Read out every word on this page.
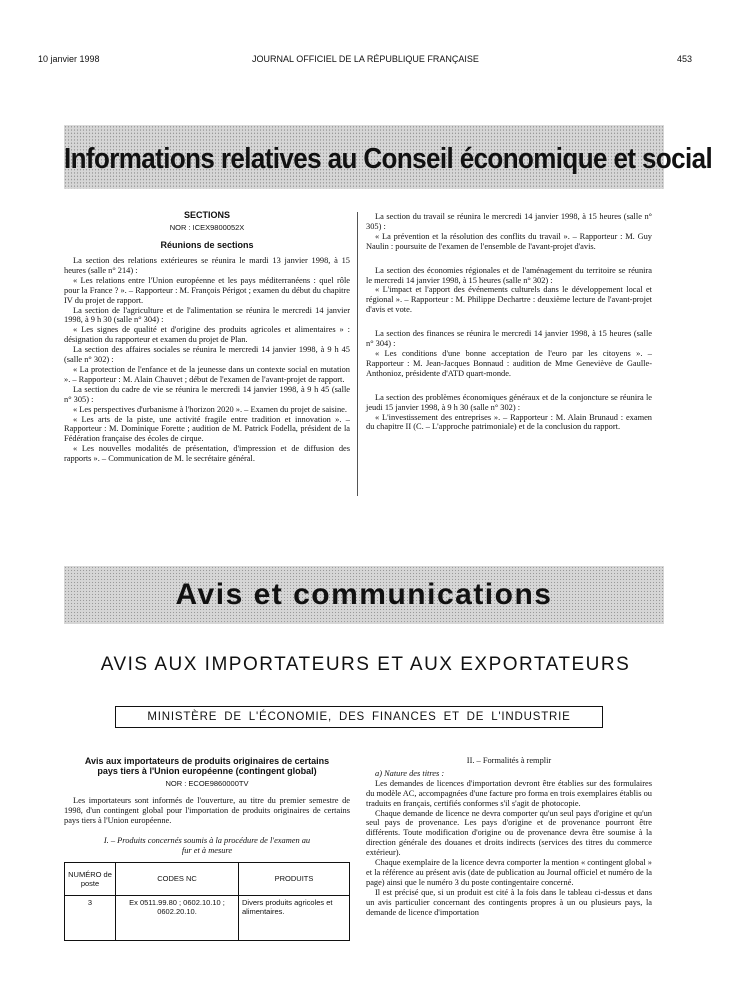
10 janvier 1998	JOURNAL OFFICIEL DE LA RÉPUBLIQUE FRANÇAISE	453
Informations relatives au Conseil économique et social
SECTIONS
NOR : ICEX9800052X
Réunions de sections

La section des relations extérieures se réunira le mardi 13 janvier 1998, à 15 heures (salle n° 214) :

« Les relations entre l'Union européenne et les pays méditerranéens : quel rôle pour la France ? ». – Rapporteur : M. François Périgot ; examen du début du chapitre IV du projet de rapport.

La section de l'agriculture et de l'alimentation se réunira le mercredi 14 janvier 1998, à 9 h 30 (salle n° 304) :

« Les signes de qualité et d'origine des produits agricoles et alimentaires » : désignation du rapporteur et examen du projet de Plan.

La section des affaires sociales se réunira le mercredi 14 janvier 1998, à 9 h 45 (salle n° 302) :

« La protection de l'enfance et de la jeunesse dans un contexte social en mutation ». – Rapporteur : M. Alain Chauvet ; début de l'examen de l'avant-projet de rapport.

La section du cadre de vie se réunira le mercredi 14 janvier 1998, à 9 h 45 (salle n° 305) :

« Les perspectives d'urbanisme à l'horizon 2020 ». – Examen du projet de saisine.

« Les arts de la piste, une activité fragile entre tradition et innovation ». – Rapporteur : M. Dominique Forette ; audition de M. Patrick Fodella, président de la Fédération française des écoles de cirque.

« Les nouvelles modalités de présentation, d'impression et de diffusion des rapports ». – Communication de M. le secrétaire général.

La section du travail se réunira le mercredi 14 janvier 1998, à 15 heures (salle n° 305) :

« La prévention et la résolution des conflits du travail ». – Rapporteur : M. Guy Naulin : poursuite de l'examen de l'ensemble de l'avant-projet d'avis.

La section des économies régionales et de l'aménagement du territoire se réunira le mercredi 14 janvier 1998, à 15 heures (salle n° 302) :

« L'impact et l'apport des événements culturels dans le développement local et régional ». – Rapporteur : M. Philippe Dechartre : deuxième lecture de l'avant-projet d'avis et vote.

La section des finances se réunira le mercredi 14 janvier 1998, à 15 heures (salle n° 304) :

« Les conditions d'une bonne acceptation de l'euro par les citoyens ». – Rapporteur : M. Jean-Jacques Bonnaud : audition de Mme Geneviève de Gaulle-Anthonioz, présidente d'ATD quart-monde.

La section des problèmes économiques généraux et de la conjoncture se réunira le jeudi 15 janvier 1998, à 9 h 30 (salle n° 302) :

« L'investissement des entreprises ». – Rapporteur : M. Alain Brunaud : examen du chapitre II (C. – L'approche patrimoniale) et de la conclusion du rapport.

Avis et communications
AVIS AUX IMPORTATEURS ET AUX EXPORTATEURS
MINISTÈRE DE L'ÉCONOMIE, DES FINANCES ET DE L'INDUSTRIE
Avis aux importateurs de produits originaires de certains pays tiers à l'Union européenne (contingent global)
NOR : ECOE9860000TV

Les importateurs sont informés de l'ouverture, au titre du premier semestre de 1998, d'un contingent global pour l'importation de produits originaires de certains pays tiers à l'Union européenne.

I. – Produits concernés soumis à la procédure de l'examen au fur et à mesure
NUMÉRO de poste	CODES NC	PRODUITS
3	Ex 0511.99.80 ; 0602.10.10 ; 0602.20.10.	Divers produits agricoles et alimentaires.
II. – Formalités à remplir

a) Nature des titres :

Les demandes de licences d'importation devront être établies sur des formulaires du modèle AC, accompagnées d'une facture pro forma en trois exemplaires établis ou traduits en français, certifiés conformes s'il s'agit de photocopie.

Chaque demande de licence ne devra comporter qu'un seul pays d'origine et qu'un seul pays de provenance. Les pays d'origine et de provenance pourront être différents. Toute modification d'origine ou de provenance devra être soumise à la direction générale des douanes et droits indirects (services des titres du commerce extérieur).

Chaque exemplaire de la licence devra comporter la mention « contingent global » et la référence au présent avis (date de publication au Journal officiel et numéro de la page) ainsi que le numéro 3 du poste contingentaire concerné.

Il est précisé que, si un produit est cité à la fois dans le tableau ci-dessus et dans un avis particulier concernant des contingents propres à un ou plusieurs pays, la demande de licence d'importation
